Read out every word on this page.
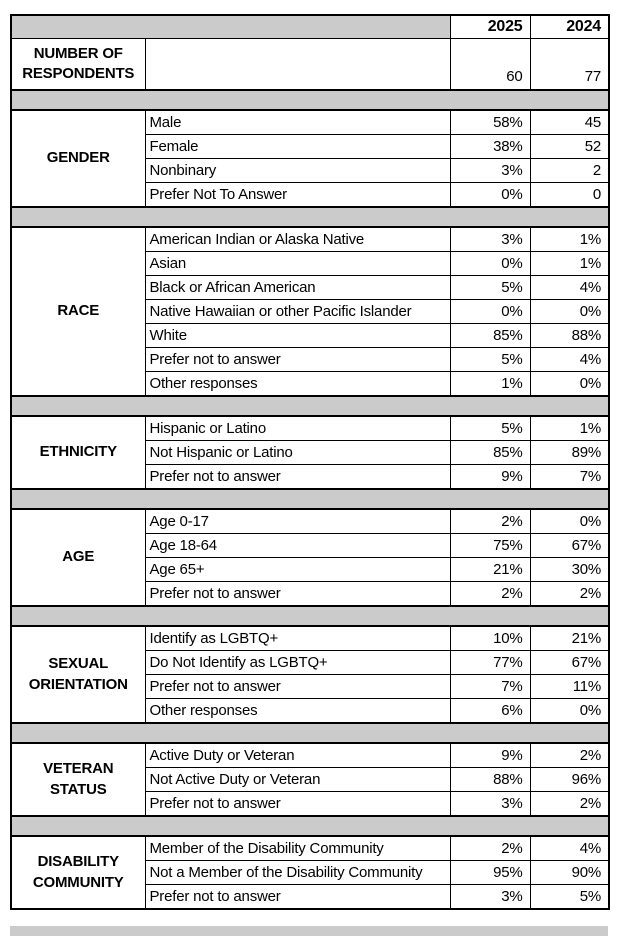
		2025	2024
NUMBER OF RESPONDENTS		60	77

GENDER	Male	58%	45
	Female	38%	52
	Nonbinary	3%	2
	Prefer Not To Answer	0%	0

RACE	American Indian or Alaska Native	3%	1%
	Asian	0%	1%
	Black or African American	5%	4%
	Native Hawaiian or other Pacific Islander	0%	0%
	White	85%	88%
	Prefer not to answer	5%	4%
	Other responses	1%	0%

ETHNICITY	Hispanic or Latino	5%	1%
	Not Hispanic or Latino	85%	89%
	Prefer not to answer	9%	7%

AGE	Age 0-17	2%	0%
	Age 18-64	75%	67%
	Age 65+	21%	30%
	Prefer not to answer	2%	2%

SEXUAL ORIENTATION	Identify as LGBTQ+	10%	21%
	Do Not Identify as LGBTQ+	77%	67%
	Prefer not to answer	7%	11%
	Other responses	6%	0%

VETERAN STATUS	Active Duty or Veteran	9%	2%
	Not Active Duty or Veteran	88%	96%
	Prefer not to answer	3%	2%

DISABILITY COMMUNITY	Member of the Disability Community	2%	4%
	Not a Member of the Disability Community	95%	90%
	Prefer not to answer	3%	5%
